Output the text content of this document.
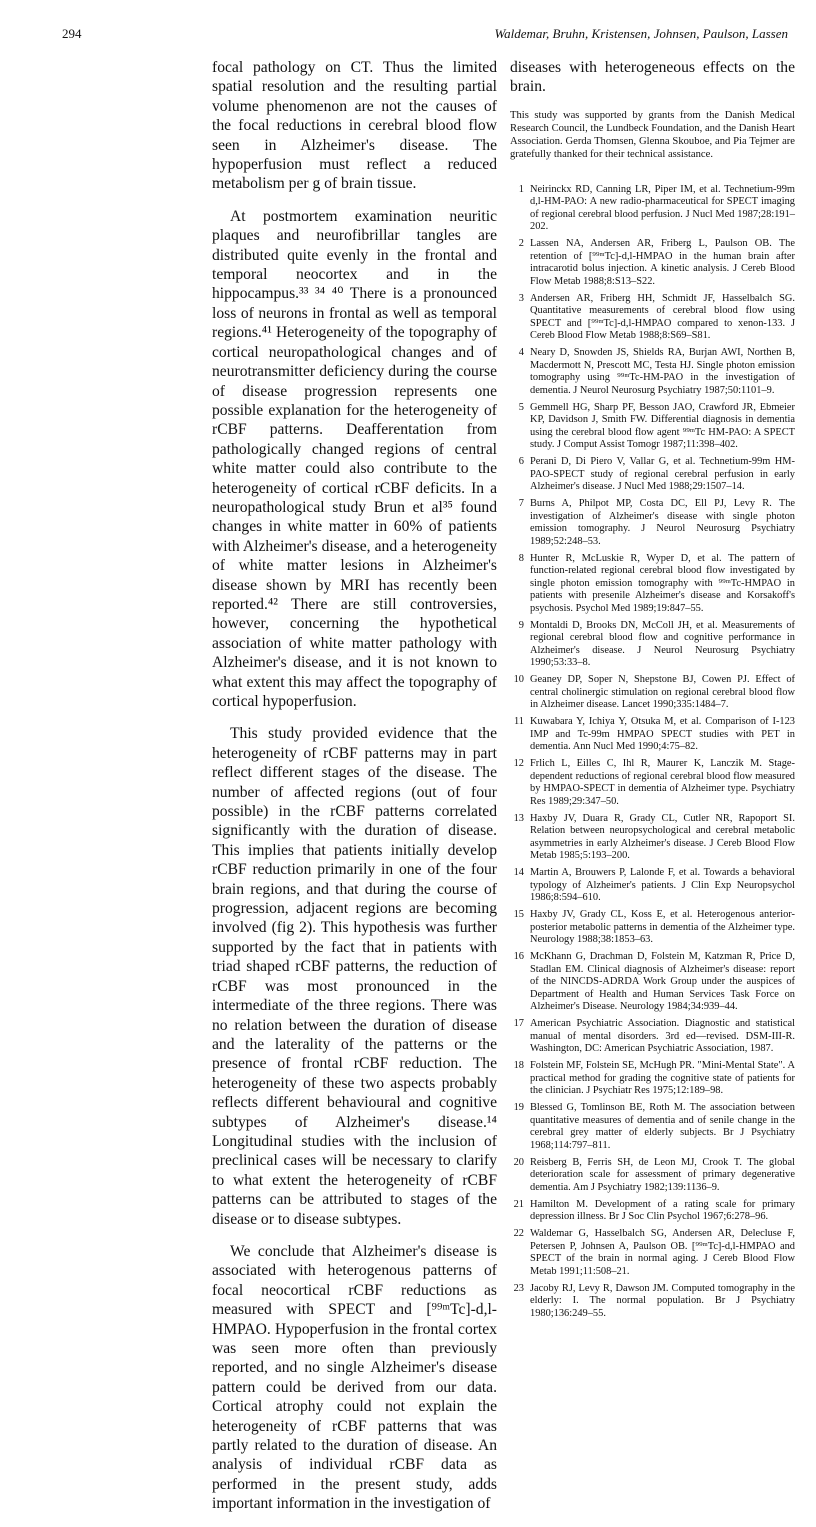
294	Waldemar, Bruhn, Kristensen, Johnsen, Paulson, Lassen

focal pathology on CT. Thus the limited spatial resolution and the resulting partial volume phenomenon are not the causes of the focal reductions in cerebral blood flow seen in Alzheimer's disease. The hypoperfusion must reflect a reduced metabolism per g of brain tissue.

At postmortem examination neuritic plaques and neurofibrillar tangles are distributed quite evenly in the frontal and temporal neocortex and in the hippocampus.³³ ³⁴ ⁴⁰ There is a pronounced loss of neurons in frontal as well as temporal regions.⁴¹ Heterogeneity of the topography of cortical neuropathological changes and of neurotransmitter deficiency during the course of disease progression represents one possible explanation for the heterogeneity of rCBF patterns. Deafferentation from pathologically changed regions of central white matter could also contribute to the heterogeneity of cortical rCBF deficits. In a neuropathological study Brun et al³⁵ found changes in white matter in 60% of patients with Alzheimer's disease, and a heterogeneity of white matter lesions in Alzheimer's disease shown by MRI has recently been reported.⁴² There are still controversies, however, concerning the hypothetical association of white matter pathology with Alzheimer's disease, and it is not known to what extent this may affect the topography of cortical hypoperfusion.

This study provided evidence that the heterogeneity of rCBF patterns may in part reflect different stages of the disease. The number of affected regions (out of four possible) in the rCBF patterns correlated significantly with the duration of disease. This implies that patients initially develop rCBF reduction primarily in one of the four brain regions, and that during the course of progression, adjacent regions are becoming involved (fig 2). This hypothesis was further supported by the fact that in patients with triad shaped rCBF patterns, the reduction of rCBF was most pronounced in the intermediate of the three regions. There was no relation between the duration of disease and the laterality of the patterns or the presence of frontal rCBF reduction. The heterogeneity of these two aspects probably reflects different behavioural and cognitive subtypes of Alzheimer's disease.¹⁴ Longitudinal studies with the inclusion of preclinical cases will be necessary to clarify to what extent the heterogeneity of rCBF patterns can be attributed to stages of the disease or to disease subtypes.

We conclude that Alzheimer's disease is associated with heterogenous patterns of focal neocortical rCBF reductions as measured with SPECT and [⁹⁹ᵐTc]-d,l-HMPAO. Hypoperfusion in the frontal cortex was seen more often than previously reported, and no single Alzheimer's disease pattern could be derived from our data. Cortical atrophy could not explain the heterogeneity of rCBF patterns that was partly related to the duration of disease. An analysis of individual rCBF data as performed in the present study, adds important information in the investigation of

diseases with heterogeneous effects on the brain.

This study was supported by grants from the Danish Medical Research Council, the Lundbeck Foundation, and the Danish Heart Association. Gerda Thomsen, Glenna Skouboe, and Pia Tejmer are gratefully thanked for their technical assistance.

1 Neirinckx RD, Canning LR, Piper IM, et al. Technetium-99m d,l-HM-PAO: A new radio-pharmaceutical for SPECT imaging of regional cerebral blood perfusion. J Nucl Med 1987;28:191–202.
2 Lassen NA, Andersen AR, Friberg L, Paulson OB. The retention of [⁹⁹ᵐTc]-d,l-HMPAO in the human brain after intracarotid bolus injection. A kinetic analysis. J Cereb Blood Flow Metab 1988;8:S13–S22.
3 Andersen AR, Friberg HH, Schmidt JF, Hasselbalch SG. Quantitative measurements of cerebral blood flow using SPECT and [⁹⁹ᵐTc]-d,l-HMPAO compared to xenon-133. J Cereb Blood Flow Metab 1988;8:S69–S81.
4 Neary D, Snowden JS, Shields RA, Burjan AWI, Northen B, Macdermott N, Prescott MC, Testa HJ. Single photon emission tomography using ⁹⁹ᵐTc-HM-PAO in the investigation of dementia. J Neurol Neurosurg Psychiatry 1987;50:1101–9.
5 Gemmell HG, Sharp PF, Besson JAO, Crawford JR, Ebmeier KP, Davidson J, Smith FW. Differential diagnosis in dementia using the cerebral blood flow agent ⁹⁹ᵐTc HM-PAO: A SPECT study. J Comput Assist Tomogr 1987;11:398–402.
6 Perani D, Di Piero V, Vallar G, et al. Technetium-99m HM-PAO-SPECT study of regional cerebral perfusion in early Alzheimer's disease. J Nucl Med 1988;29:1507–14.
7 Burns A, Philpot MP, Costa DC, Ell PJ, Levy R. The investigation of Alzheimer's disease with single photon emission tomography. J Neurol Neurosurg Psychiatry 1989;52:248–53.
8 Hunter R, McLuskie R, Wyper D, et al. The pattern of function-related regional cerebral blood flow investigated by single photon emission tomography with ⁹⁹ᵐTc-HMPAO in patients with presenile Alzheimer's disease and Korsakoff's psychosis. Psychol Med 1989;19:847–55.
9 Montaldi D, Brooks DN, McColl JH, et al. Measurements of regional cerebral blood flow and cognitive performance in Alzheimer's disease. J Neurol Neurosurg Psychiatry 1990;53:33–8.
10 Geaney DP, Soper N, Shepstone BJ, Cowen PJ. Effect of central cholinergic stimulation on regional cerebral blood flow in Alzheimer disease. Lancet 1990;335:1484–7.
11 Kuwabara Y, Ichiya Y, Otsuka M, et al. Comparison of I-123 IMP and Tc-99m HMPAO SPECT studies with PET in dementia. Ann Nucl Med 1990;4:75–82.
12 Frlich L, Eilles C, Ihl R, Maurer K, Lanczik M. Stage-dependent reductions of regional cerebral blood flow measured by HMPAO-SPECT in dementia of Alzheimer type. Psychiatry Res 1989;29:347–50.
13 Haxby JV, Duara R, Grady CL, Cutler NR, Rapoport SI. Relation between neuropsychological and cerebral metabolic asymmetries in early Alzheimer's disease. J Cereb Blood Flow Metab 1985;5:193–200.
14 Martin A, Brouwers P, Lalonde F, et al. Towards a behavioral typology of Alzheimer's patients. J Clin Exp Neuropsychol 1986;8:594–610.
15 Haxby JV, Grady CL, Koss E, et al. Heterogenous anterior-posterior metabolic patterns in dementia of the Alzheimer type. Neurology 1988;38:1853–63.
16 McKhann G, Drachman D, Folstein M, Katzman R, Price D, Stadlan EM. Clinical diagnosis of Alzheimer's disease: report of the NINCDS-ADRDA Work Group under the auspices of Department of Health and Human Services Task Force on Alzheimer's Disease. Neurology 1984;34:939–44.
17 American Psychiatric Association. Diagnostic and statistical manual of mental disorders. 3rd ed—revised. DSM-III-R. Washington, DC: American Psychiatric Association, 1987.
18 Folstein MF, Folstein SE, McHugh PR. "Mini-Mental State". A practical method for grading the cognitive state of patients for the clinician. J Psychiatr Res 1975;12:189–98.
19 Blessed G, Tomlinson BE, Roth M. The association between quantitative measures of dementia and of senile change in the cerebral grey matter of elderly subjects. Br J Psychiatry 1968;114:797–811.
20 Reisberg B, Ferris SH, de Leon MJ, Crook T. The global deterioration scale for assessment of primary degenerative dementia. Am J Psychiatry 1982;139:1136–9.
21 Hamilton M. Development of a rating scale for primary depression illness. Br J Soc Clin Psychol 1967;6:278–96.
22 Waldemar G, Hasselbalch SG, Andersen AR, Delecluse F, Petersen P, Johnsen A, Paulson OB. [⁹⁹ᵐTc]-d,l-HMPAO and SPECT of the brain in normal aging. J Cereb Blood Flow Metab 1991;11:508–21.
23 Jacoby RJ, Levy R, Dawson JM. Computed tomography in the elderly: I. The normal population. Br J Psychiatry 1980;136:249–55.
